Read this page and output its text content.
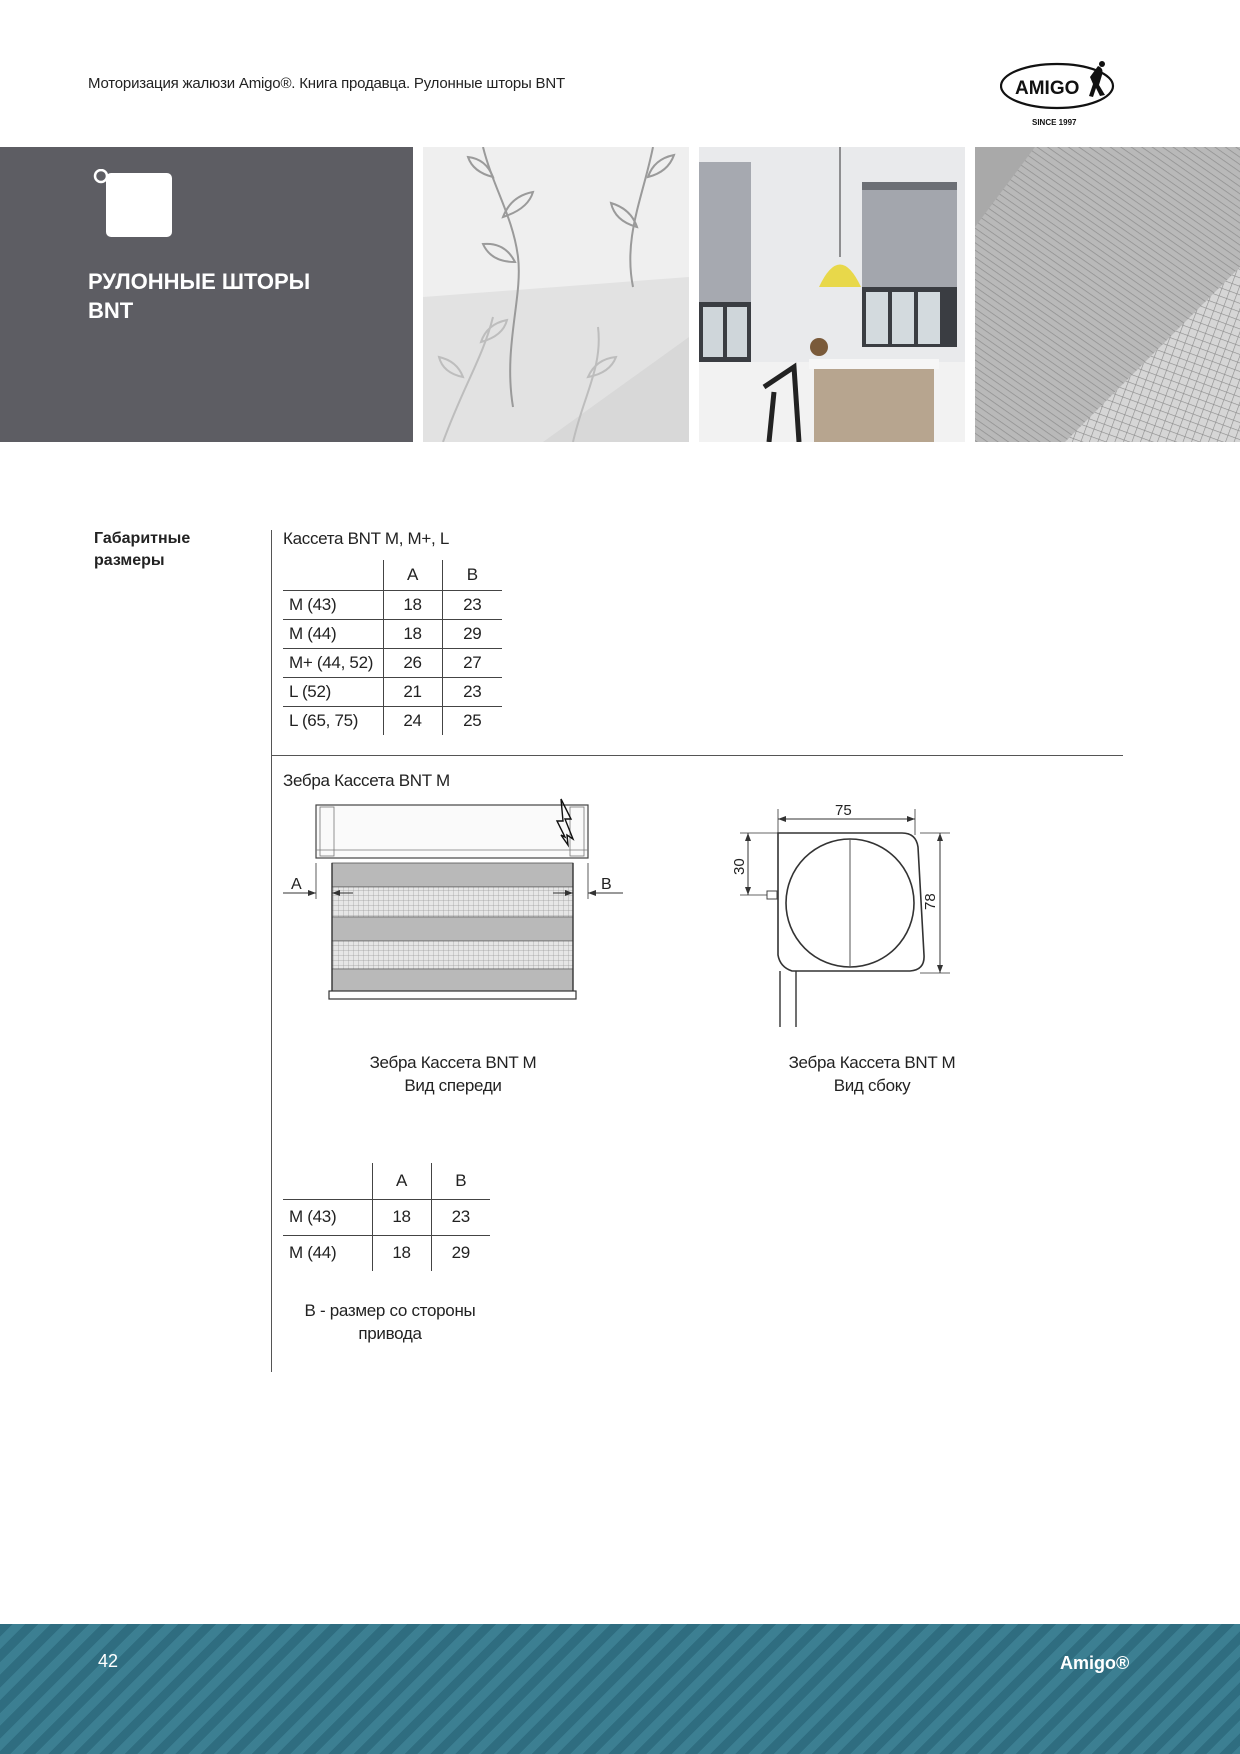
Моторизация жалюзи Amigo®. Книга продавца. Рулонные шторы BNT	AMIGO
SINCE 1997
РУЛОННЫЕ ШТОРЫ
BNT
Габаритные
размеры
Кассета BNT M, M+, L
	A	B
M (43)	18	23
M (44)	18	29
M+ (44, 52)	26	27
L (52)	21	23
L (65, 75)	24	25
Зебра Кассета BNT M
A	B
75
78
30
Зебра Кассета BNT M
Вид спереди
Зебра Кассета BNT M
Вид сбоку
	A	B
M (43)	18	23
M (44)	18	29
B - размер со стороны
привода
42	Amigo®
